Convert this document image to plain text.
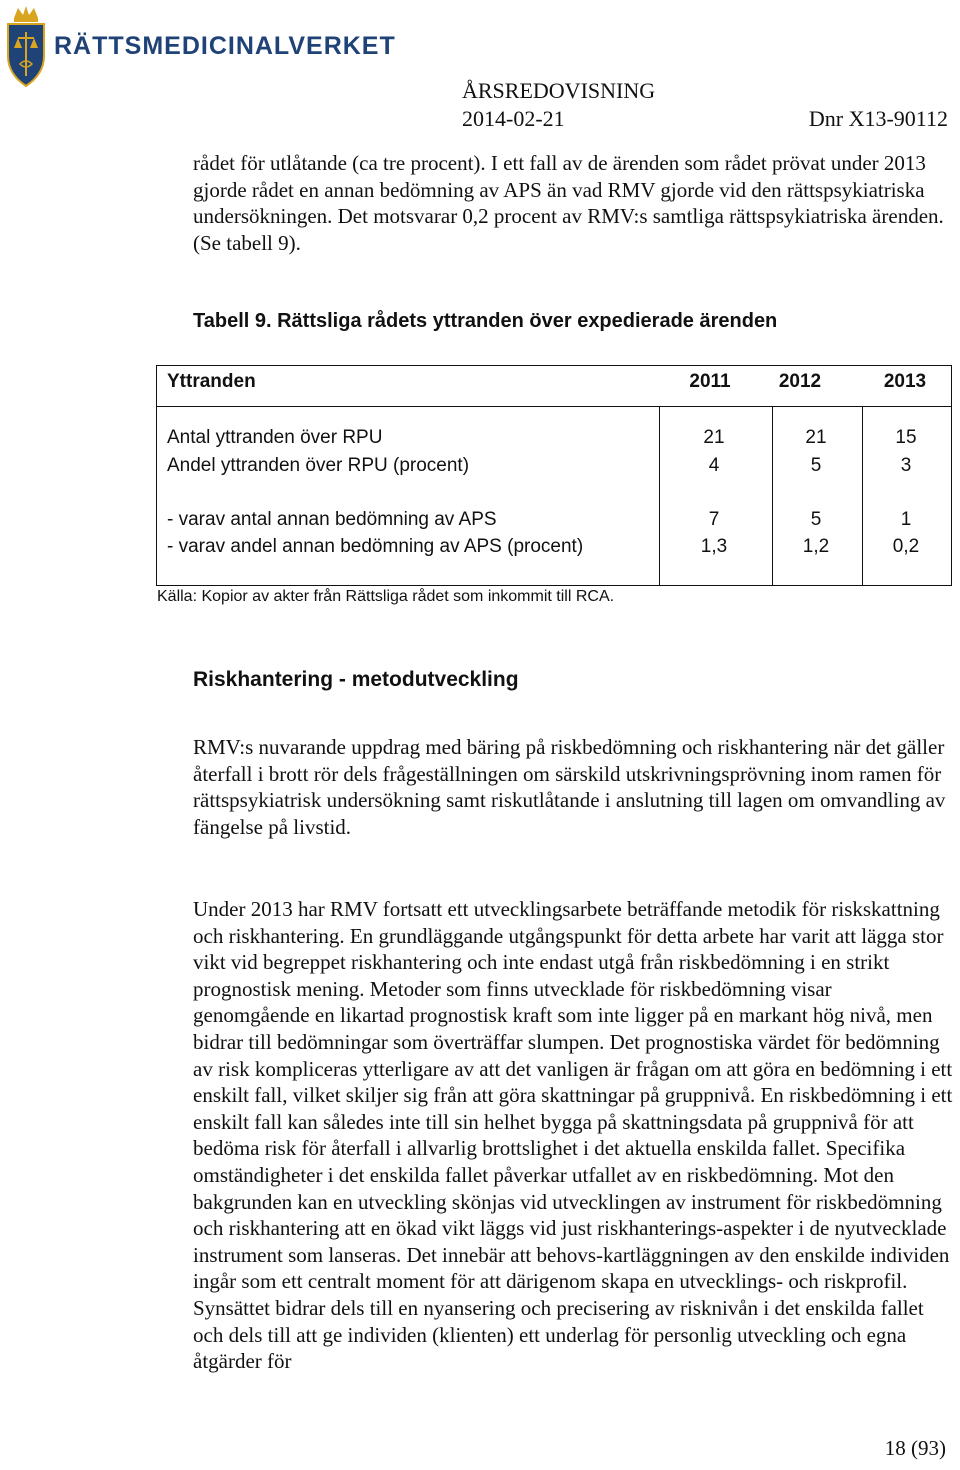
RÄTTSMEDICINALVERKET
ÅRSREDOVISNING
2014-02-21	Dnr X13-90112

rådet för utlåtande (ca tre procent). I ett fall av de ärenden som rådet prövat under 2013 gjorde rådet en annan bedömning av APS än vad RMV gjorde vid den rättspsykiatriska undersökningen. Det motsvarar 0,2 procent av RMV:s samtliga rättspsykiatriska ärenden. (Se tabell 9).

Tabell 9. Rättsliga rådets yttranden över expedierade ärenden
Yttranden	2011	2012	2013
Antal yttranden över RPU	21	21	15
Andel yttranden över RPU (procent)	4	5	3
- varav antal annan bedömning av APS	7	5	1
- varav andel annan bedömning av APS (procent)	1,3	1,2	0,2
Källa: Kopior av akter från Rättsliga rådet som inkommit till RCA.
Riskhantering - metodutveckling

RMV:s nuvarande uppdrag med bäring på riskbedömning och riskhantering när det gäller återfall i brott rör dels frågeställningen om särskild utskrivningsprövning inom ramen för rättspsykiatrisk undersökning samt riskutlåtande i anslutning till lagen om omvandling av fängelse på livstid.

Under 2013 har RMV fortsatt ett utvecklingsarbete beträffande metodik för riskskattning och riskhantering. En grundläggande utgångspunkt för detta arbete har varit att lägga stor vikt vid begreppet riskhantering och inte endast utgå från riskbedömning i en strikt prognostisk mening. Metoder som finns utvecklade för riskbedömning visar genomgående en likartad prognostisk kraft som inte ligger på en markant hög nivå, men bidrar till bedömningar som överträffar slumpen. Det prognostiska värdet för bedömning av risk kompliceras ytterligare av att det vanligen är frågan om att göra en bedömning i ett enskilt fall, vilket skiljer sig från att göra skattningar på gruppnivå. En riskbedömning i ett enskilt fall kan således inte till sin helhet bygga på skattningsdata på gruppnivå för att bedöma risk för återfall i allvarlig brottslighet i det aktuella enskilda fallet. Specifika omständigheter i det enskilda fallet påverkar utfallet av en riskbedömning. Mot den bakgrunden kan en utveckling skönjas vid utvecklingen av instrument för riskbedömning och riskhantering att en ökad vikt läggs vid just riskhanterings-aspekter i de nyutvecklade instrument som lanseras. Det innebär att behovs-kartläggningen av den enskilde individen ingår som ett centralt moment för att därigenom skapa en utvecklings- och riskprofil. Synsättet bidrar dels till en nyansering och precisering av risknivån i det enskilda fallet och dels till att ge individen (klienten) ett underlag för personlig utveckling och egna åtgärder för

18 (93)
